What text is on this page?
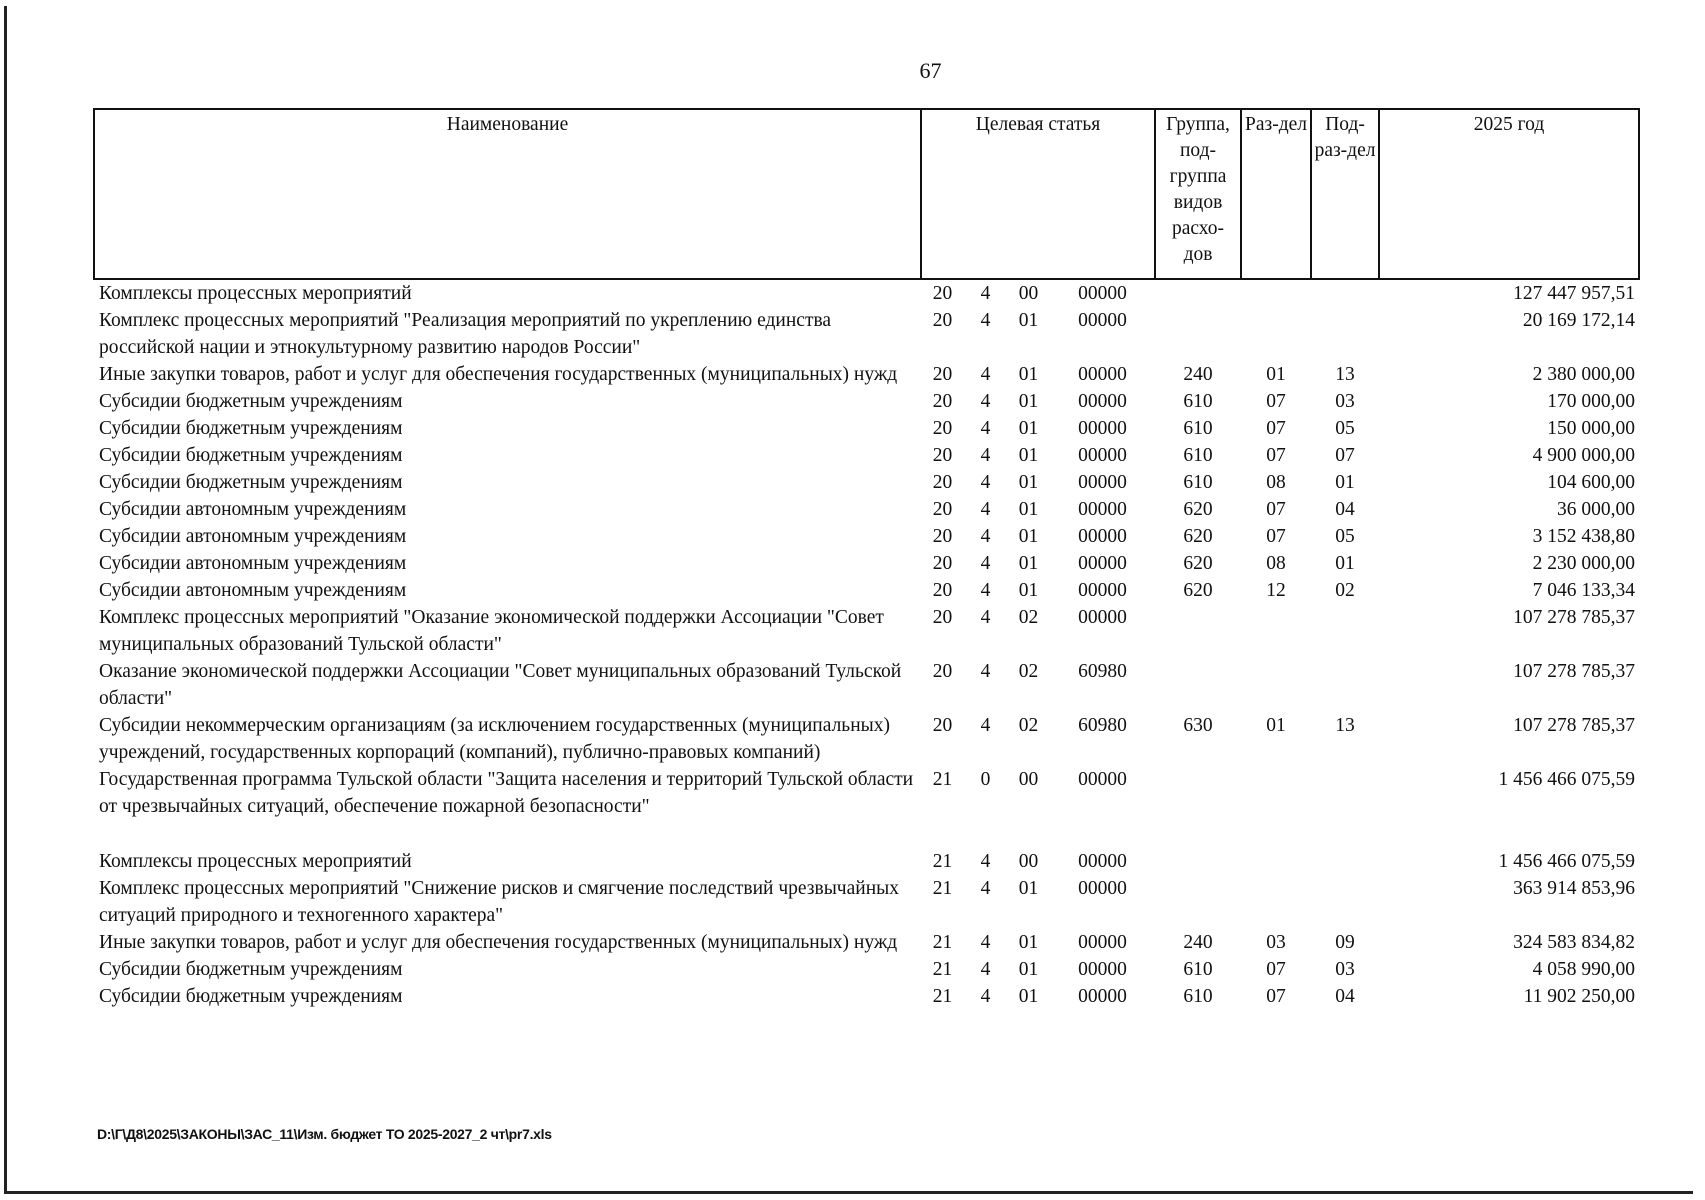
67
Наименование	Целевая статья				Группа, под-группа видов расхо-дов	Раз-дел	Под-раз-дел	2025 год
Комплексы процессных мероприятий	20	4	00	00000				127 447 957,51
Комплекс процессных мероприятий "Реализация мероприятий по укреплению единства российской нации и этнокультурному развитию народов России"	20	4	01	00000				20 169 172,14
Иные закупки товаров, работ и услуг для обеспечения государственных (муниципальных) нужд	20	4	01	00000	240	01	13	2 380 000,00
Субсидии бюджетным учреждениям	20	4	01	00000	610	07	03	170 000,00
Субсидии бюджетным учреждениям	20	4	01	00000	610	07	05	150 000,00
Субсидии бюджетным учреждениям	20	4	01	00000	610	07	07	4 900 000,00
Субсидии бюджетным учреждениям	20	4	01	00000	610	08	01	104 600,00
Субсидии автономным учреждениям	20	4	01	00000	620	07	04	36 000,00
Субсидии автономным учреждениям	20	4	01	00000	620	07	05	3 152 438,80
Субсидии автономным учреждениям	20	4	01	00000	620	08	01	2 230 000,00
Субсидии автономным учреждениям	20	4	01	00000	620	12	02	7 046 133,34
Комплекс процессных мероприятий "Оказание экономической поддержки Ассоциации "Совет муниципальных образований Тульской области"	20	4	02	00000				107 278 785,37
Оказание экономической поддержки Ассоциации "Совет муниципальных образований Тульской области"	20	4	02	60980				107 278 785,37
Субсидии некоммерческим организациям (за исключением государственных (муниципальных) учреждений, государственных корпораций (компаний), публично-правовых компаний)	20	4	02	60980	630	01	13	107 278 785,37
Государственная программа Тульской области "Защита населения и территорий Тульской области от чрезвычайных ситуаций, обеспечение пожарной безопасности"	21	0	00	00000				1 456 466 075,59

Комплексы процессных мероприятий	21	4	00	00000				1 456 466 075,59
Комплекс процессных мероприятий "Снижение рисков и смягчение последствий чрезвычайных ситуаций природного и техногенного характера"	21	4	01	00000				363 914 853,96
Иные закупки товаров, работ и услуг для обеспечения государственных (муниципальных) нужд	21	4	01	00000	240	03	09	324 583 834,82
Субсидии бюджетным учреждениям	21	4	01	00000	610	07	03	4 058 990,00
Субсидии бюджетным учреждениям	21	4	01	00000	610	07	04	11 902 250,00
D:\Г\Д8\2025\ЗАКОНЫ\ЗАС_11\Изм. бюджет ТО 2025-2027_2 чт\pr7.xls
